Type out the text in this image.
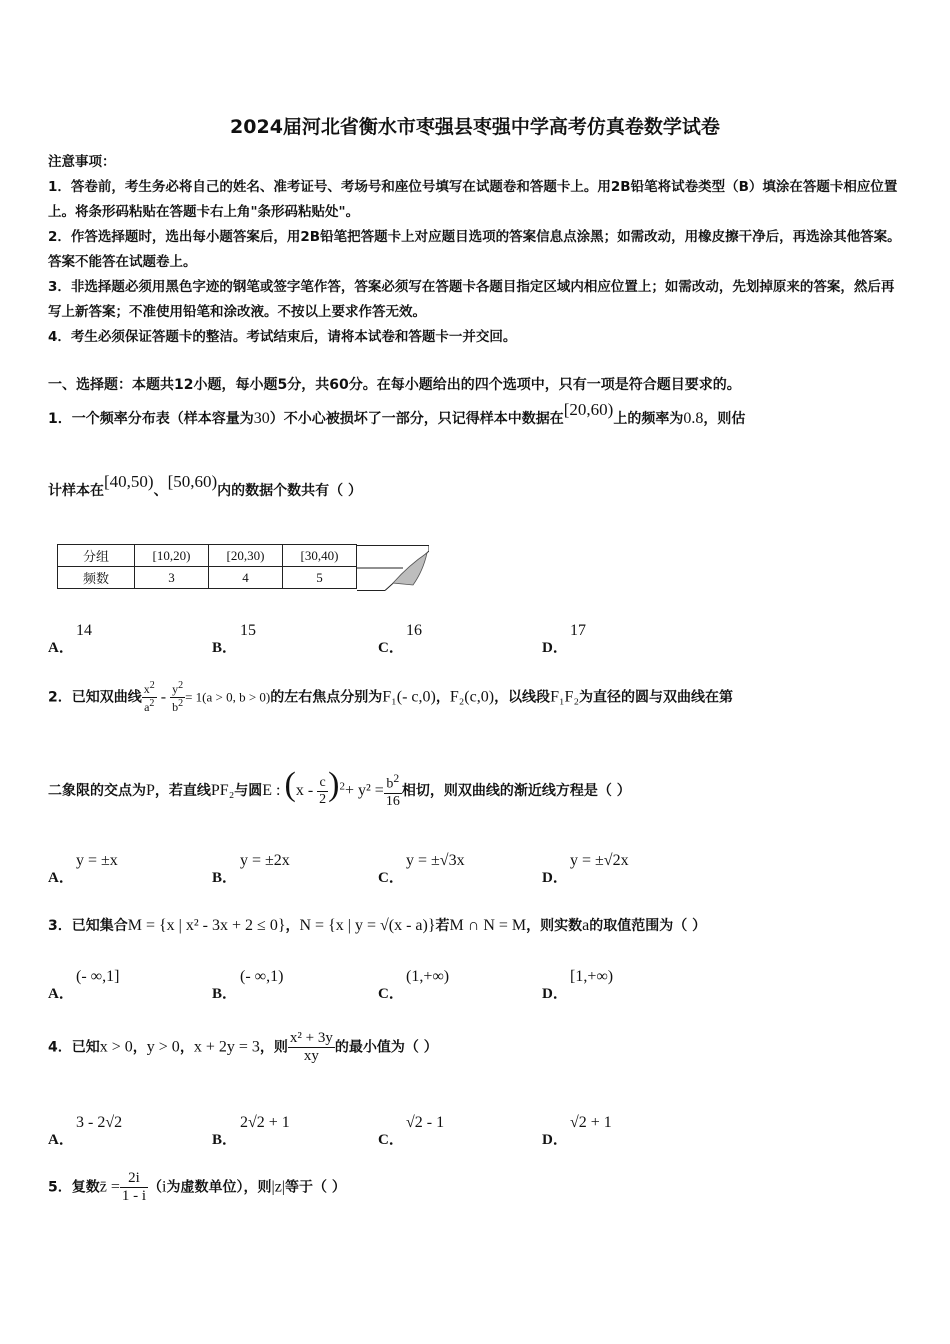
2024届河北省衡水市枣强县枣强中学高考仿真卷数学试卷

注意事项：

1．答卷前，考生务必将自己的姓名、准考证号、考场号和座位号填写在试题卷和答题卡上。用2B铅笔将试卷类型（B）填涂在答题卡相应位置上。将条形码粘贴在答题卡右上角"条形码粘贴处"。

2．作答选择题时，选出每小题答案后，用2B铅笔把答题卡上对应题目选项的答案信息点涂黑；如需改动，用橡皮擦干净后，再选涂其他答案。答案不能答在试题卷上。

3．非选择题必须用黑色字迹的钢笔或签字笔作答，答案必须写在答题卡各题目指定区域内相应位置上；如需改动，先划掉原来的答案，然后再写上新答案；不准使用铅笔和涂改液。不按以上要求作答无效。

4．考生必须保证答题卡的整洁。考试结束后，请将本试卷和答题卡一并交回。

一、选择题：本题共12小题，每小题5分，共60分。在每小题给出的四个选项中，只有一项是符合题目要求的。
1．一个频率分布表（样本容量为30）不小心被损坏了一部分，只记得样本中数据在[20,60)上的频率为0.8，则估
计样本在[40,50)、[50,60)内的数据个数共有（ ）
分组	[10,20)	[20,30)	[30,40)
频数	3	4	5
A．
14
B．
15
C．
16
D．
17
2．已知双曲线 $\frac{x^2}{a^2} - \frac{y^2}{b^2} = 1(a > 0$, b > 0)的左右焦点分别为F₁(- c,0)，F₂(c,0)，以线段F₁F₂为直径的圆与双曲线在第
二象限的交点为P，若直线PF₂与圆E : $(x - \frac{c}{2} )^2+ y^2 = \frac{b^2}{16}$ 相切，则双曲线的渐近线方程是（ ）
A．
y = ±x
B．
y = ±2x
C．
y = ±√3x
D．
y = ±√2x
3．已知集合M = {x | x² - 3x + 2 ≤ 0}，N = {x | y = √(x - a)}若M ∩ N = M，则实数a的取值范围为（ ）
A．
(- ∞,1]
B．
(- ∞,1)
C．
(1,+∞)
D．
[1,+∞)
4．已知x > 0，y > 0，x + 2y = 3，则 $\frac{\text{x² + 3y}}{xy}$ 的最小值为（ ）
A．
3 - 2√2
B．
2√2 + 1
C．
√2 - 1
D．
√2 + 1
5．复数z̄ = $\frac{2i}{1 - i} (i$为虚数单位），则|z|等于（ ）
